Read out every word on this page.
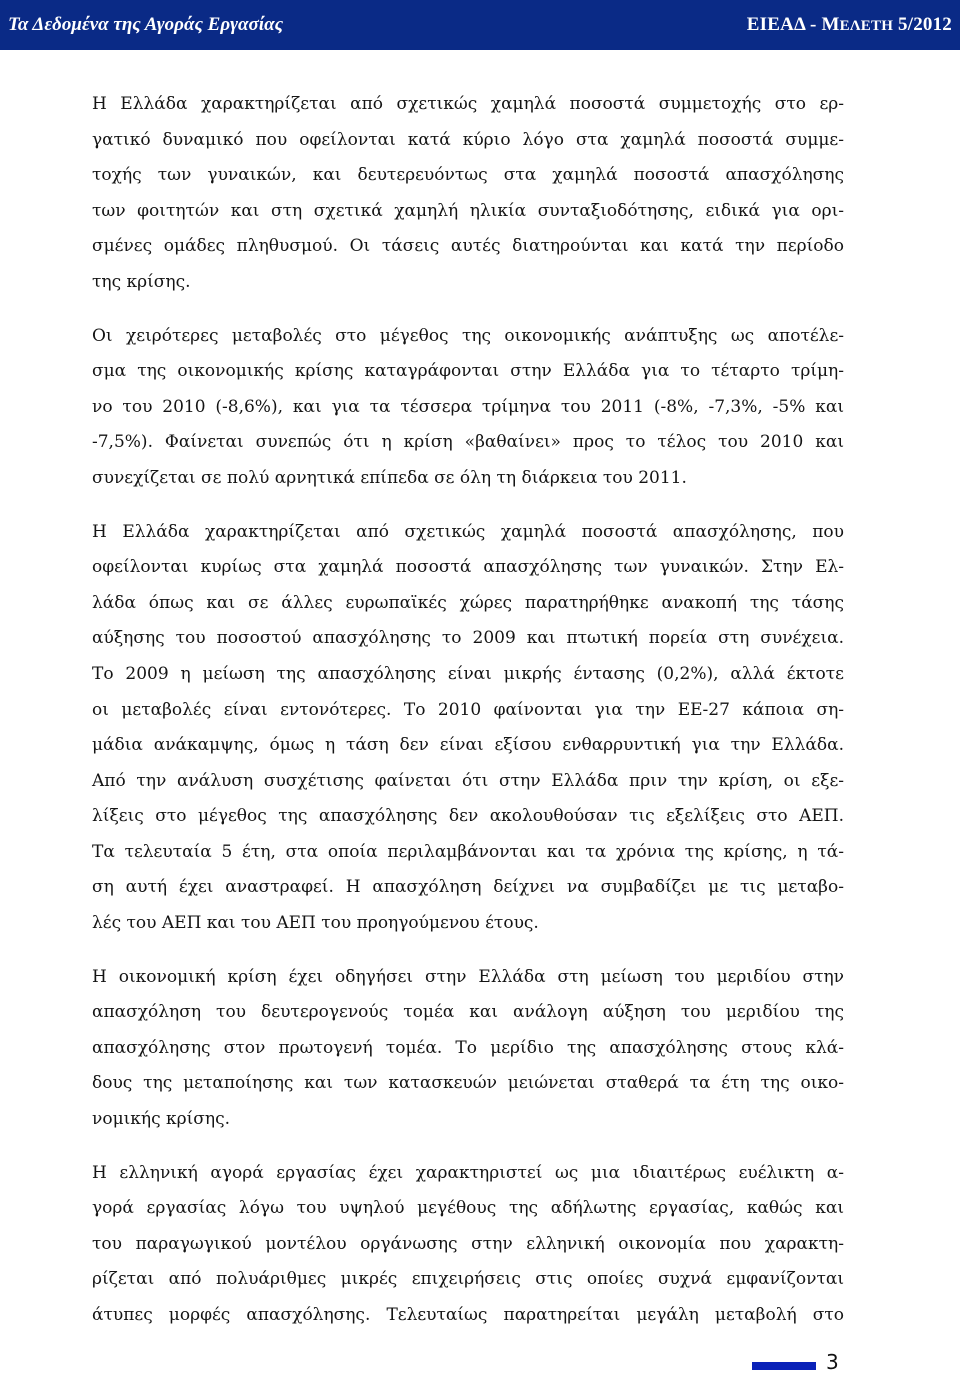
Τα Δεδομένα της Αγοράς Εργασίας	ΕΙΕΑΔ - ΜΕΛΕΤΗ 5/2012

Η Ελλάδα χαρακτηρίζεται από σχετικώς χαμηλά ποσοστά συμμετοχής στο ερ-
γατικό δυναμικό που οφείλονται κατά κύριο λόγο στα χαμηλά ποσοστά συμμε-
τοχής των γυναικών, και δευτερευόντως στα χαμηλά ποσοστά απασχόλησης
των φοιτητών και στη σχετικά χαμηλή ηλικία συνταξιοδότησης, ειδικά για ορι-
σμένες ομάδες πληθυσμού. Οι τάσεις αυτές διατηρούνται και κατά την περίοδο
της κρίσης.

Οι χειρότερες μεταβολές στο μέγεθος της οικονομικής ανάπτυξης ως αποτέλε-
σμα της οικονομικής κρίσης καταγράφονται στην Ελλάδα για το τέταρτο τρίμη-
νο του 2010 (-8,6%), και για τα τέσσερα τρίμηνα του 2011 (-8%, -7,3%, -5% και
-7,5%). Φαίνεται συνεπώς ότι η κρίση «βαθαίνει» προς το τέλος του 2010 και
συνεχίζεται σε πολύ αρνητικά επίπεδα σε όλη τη διάρκεια του 2011.

Η Ελλάδα χαρακτηρίζεται από σχετικώς χαμηλά ποσοστά απασχόλησης, που
οφείλονται κυρίως στα χαμηλά ποσοστά απασχόλησης των γυναικών. Στην Ελ-
λάδα όπως και σε άλλες ευρωπαϊκές χώρες παρατηρήθηκε ανακοπή της τάσης
αύξησης του ποσοστού απασχόλησης το 2009 και πτωτική πορεία στη συνέχεια.
Το 2009 η μείωση της απασχόλησης είναι μικρής έντασης (0,2%), αλλά έκτοτε
οι μεταβολές είναι εντονότερες. Το 2010 φαίνονται για την ΕΕ-27 κάποια ση-
μάδια ανάκαμψης, όμως η τάση δεν είναι εξίσου ενθαρρυντική για την Ελλάδα.
Από την ανάλυση συσχέτισης φαίνεται ότι στην Ελλάδα πριν την κρίση, οι εξε-
λίξεις στο μέγεθος της απασχόλησης δεν ακολουθούσαν τις εξελίξεις στο ΑΕΠ.
Τα τελευταία 5 έτη, στα οποία περιλαμβάνονται και τα χρόνια της κρίσης, η τά-
ση αυτή έχει αναστραφεί. Η απασχόληση δείχνει να συμβαδίζει με τις μεταβο-
λές του ΑΕΠ και του ΑΕΠ του προηγούμενου έτους.

Η οικονομική κρίση έχει οδηγήσει στην Ελλάδα στη μείωση του μεριδίου στην
απασχόληση του δευτερογενούς τομέα και ανάλογη αύξηση του μεριδίου της
απασχόλησης στον πρωτογενή τομέα. Το μερίδιο της απασχόλησης στους κλά-
δους της μεταποίησης και των κατασκευών μειώνεται σταθερά τα έτη της οικο-
νομικής κρίσης.

Η ελληνική αγορά εργασίας έχει χαρακτηριστεί ως μια ιδιαιτέρως ευέλικτη α-
γορά εργασίας λόγω του υψηλού μεγέθους της αδήλωτης εργασίας, καθώς και
του παραγωγικού μοντέλου οργάνωσης στην ελληνική οικονομία που χαρακτη-
ρίζεται από πολυάριθμες μικρές επιχειρήσεις στις οποίες συχνά εμφανίζονται
άτυπες μορφές απασχόλησης. Τελευταίως παρατηρείται μεγάλη μεταβολή στο

3
